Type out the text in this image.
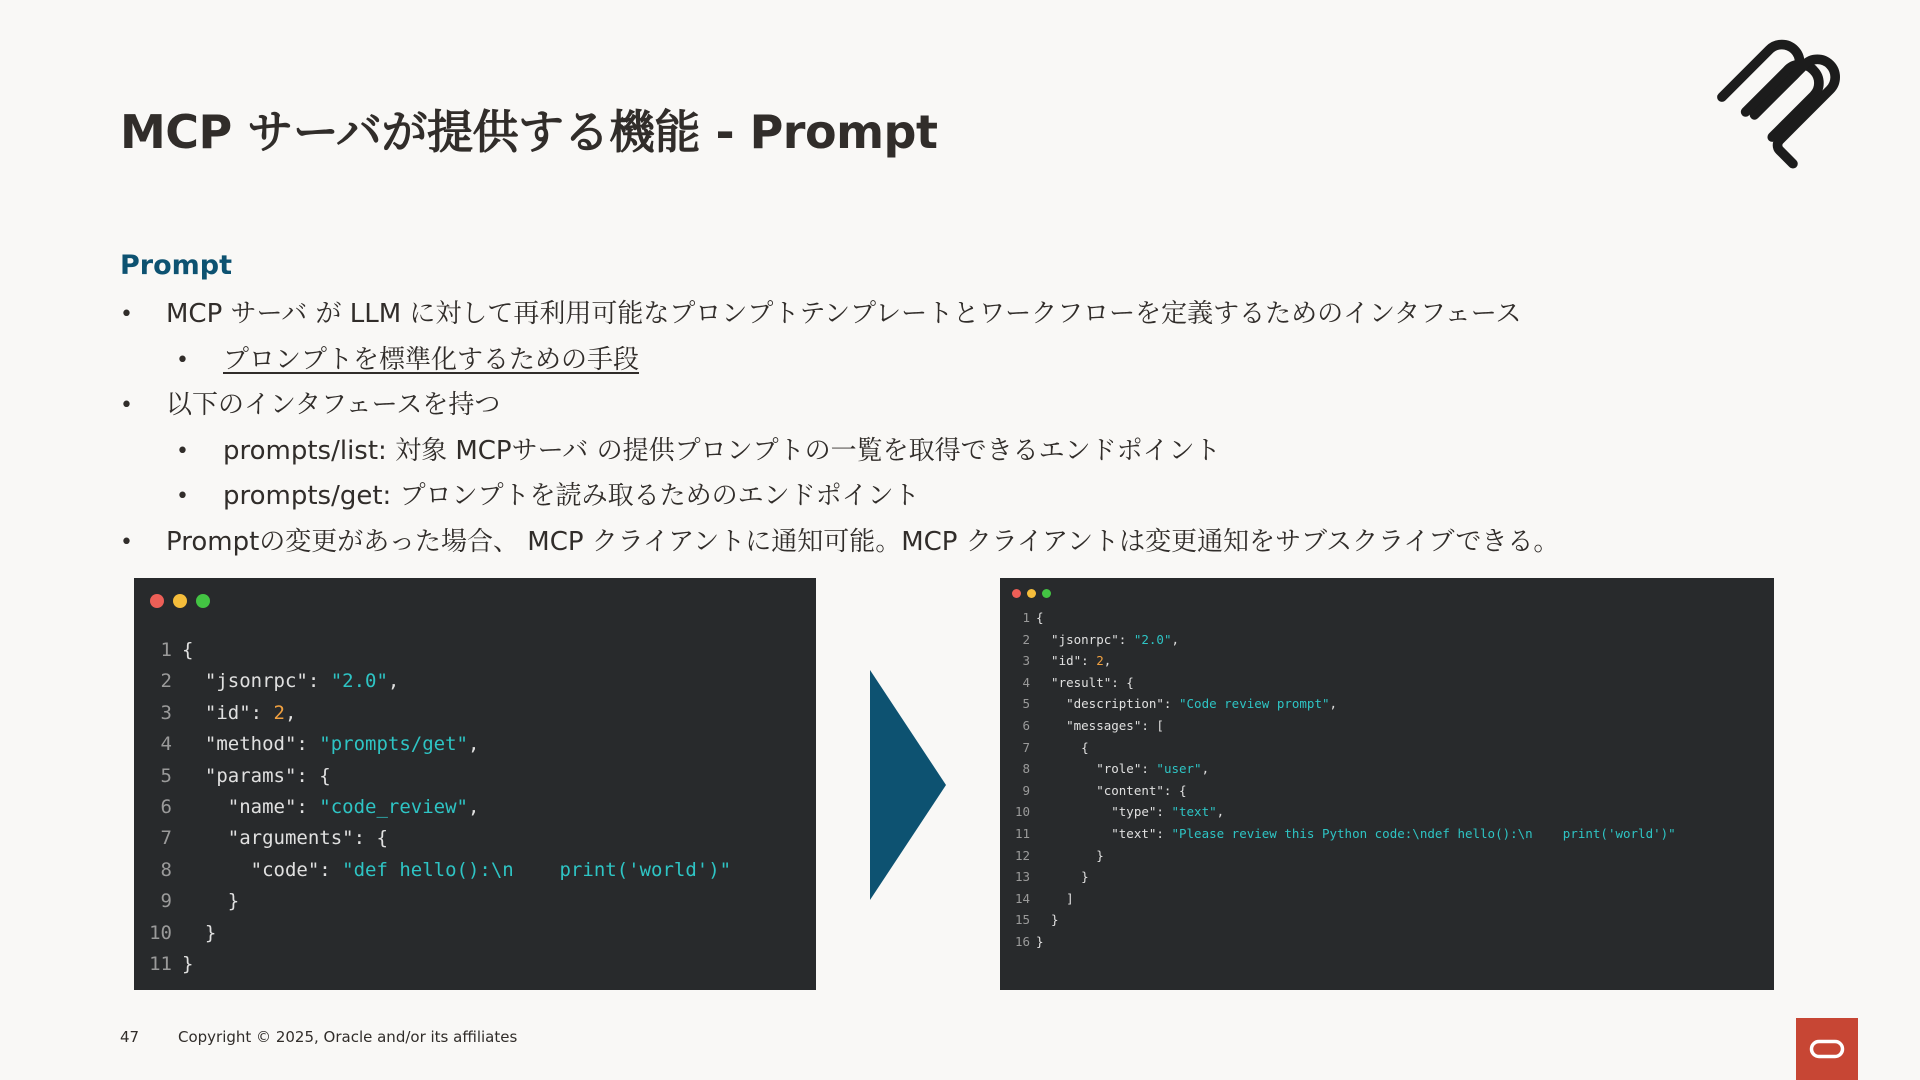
MCP サーバが提供する機能 - Prompt
Prompt
• MCP サーバ が LLM に対して再利用可能なプロンプトテンプレートとワークフローを定義するためのインタフェース
• プロンプトを標準化するための手段
• 以下のインタフェースを持つ
• prompts/list: 対象 MCPサーバ の提供プロンプトの一覧を取得できるエンドポイント
• prompts/get: プロンプトを読み取るためのエンドポイント
• Promptの変更があった場合、 MCP クライアントに通知可能。MCP クライアントは変更通知をサブスクライブできる。
1 {
2 "jsonrpc": "2.0",
3 "id": 2,
4 "method": "prompts/get",
5 "params": {
6 "name": "code_review",
7 "arguments": {
8 "code": "def hello():\n    print('world')"
9 }
10 }
11 }
1 {
2 "jsonrpc": "2.0",
3 "id": 2,
4 "result": {
5 "description": "Code review prompt",
6 "messages": [
7 {
8 "role": "user",
9 "content": {
10 "type": "text",
11 "text": "Please review this Python code:\ndef hello():\n    print('world')"
12 }
13 }
14 ]
15 }
16 }
47	Copyright © 2025, Oracle and/or its affiliates
